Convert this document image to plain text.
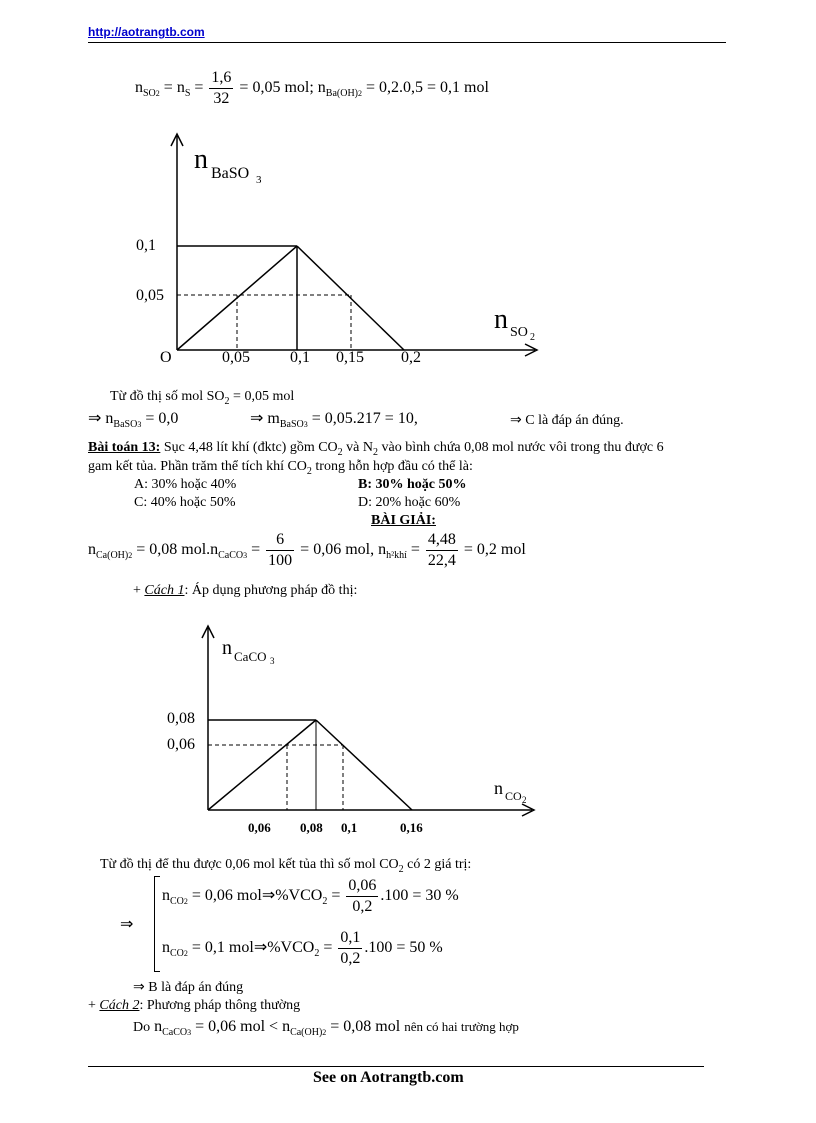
http://aotrangtb.com
$n_{SO2} = n_S = \frac{1,6}{32} = 0,05$ mol; $n_{Ba(OH)2} = 0,2.0,5 = 0,1$ mol
n BaSO 3
n SO 2
0,1
0,05
O	0,05	0,1 0,15 0,2
Từ đồ thị số mol $SO_2 = 0,05$ mol
⇒ $n_{BaSO3} = 0,0$	⇒ $m_{BaSO3} = 0,05.217 = 10$,	⇒ C là đáp án đúng.
Bài toán 13: Sục 4,48 lít khí (đktc) gồm $CO_2$ và $N_2$ vào bình chứa 0,08 mol nước vôi trong thu được 6
gam kết tủa. Phần trăm thể tích khí $CO_2$ trong hỗn hợp đầu có thể là:
A: 30% hoặc 40%	B: 30% hoặc 50%
C: 40% hoặc 50%	D: 20% hoặc 60%
BÀI GIẢI:
$n_{Ca(OH)2} = 0,08$ $mol.n_{CaCO3} = \frac{6}{100} = 0,06$ mol, $n_{h^2khí} = \frac{4,48}{22,4} = 0,2$ mol
+ Cách 1: Áp dụng phương pháp đồ thị:
n CaCO 3
n CO 2
0,08
0,06
0,06 0,08 0,1	0,16
Từ đồ thị để thu được 0,06 mol kết tủa thì số mol $CO_2$ có 2 giá trị:
⇒
$n_{CO2} = 0,06$ $mol\Rightarrow\%VCO_2 = \frac{0,06}{0,2} .100 = 30$ %
$n_{CO2} = 0,1$ $mol\Rightarrow\%VCO_2 = \frac{0,1}{0,2} .100 = 50$ %
⇒ B là đáp án đúng
+ Cách 2: Phương pháp thông thường
Do $n_{CaCO3} = 0,06$ mol < $n_{Ca(OH)2} = 0,08$ mol nên có hai trường hợp
See on Aotrangtb.com
